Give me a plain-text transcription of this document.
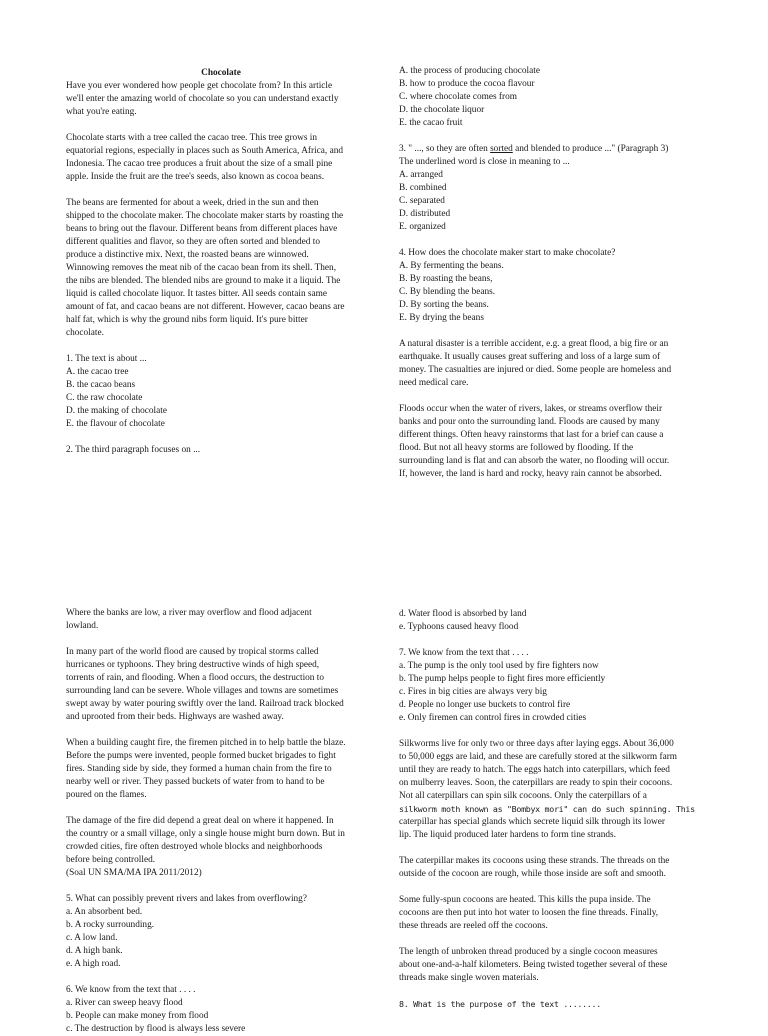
Chocolate

Have you ever wondered how people get chocolate from? In this article

we'll enter the amazing world of chocolate so you can understand exactly

what you're eating.

Chocolate starts with a tree called the cacao tree. This tree grows in

equatorial regions, especially in places such as South America, Africa, and

Indonesia. The cacao tree produces a fruit about the size of a small pine

apple. Inside the fruit are the tree's seeds, also known as cocoa beans.

The beans are fermented for about a week, dried in the sun and then

shipped to the chocolate maker. The chocolate maker starts by roasting the

beans to bring out the flavour. Different beans from different places have

different qualities and flavor, so they are often sorted and blended to

produce a distinctive mix. Next, the roasted beans are winnowed.

Winnowing removes the meat nib of the cacao bean from its shell. Then,

the nibs are blended. The blended nibs are ground to make it a liquid. The

liquid is called chocolate liquor. It tastes bitter. All seeds contain same

amount of fat, and cacao beans are not different. However, cacao beans are

half fat, which is why the ground nibs form liquid. It's pure bitter

chocolate.

1. The text is about ...

A. the cacao tree

B. the cacao beans

C. the raw chocolate

D. the making of chocolate

E. the flavour of chocolate

2. The third paragraph focuses on ...

A. the process of producing chocolate

B. how to produce the cocoa flavour

C. where chocolate comes from

D. the chocolate liquor

E. the cacao fruit

3. " ..., so they are often sorted and blended to produce ..." (Paragraph 3)

The underlined word is close in meaning to ...

A. arranged

B. combined

C. separated

D. distributed

E. organized

4. How does the chocolate maker start to make chocolate?

A. By fermenting the beans.

B. By roasting the beans,

C. By blending the beans.

D. By sorting the beans.

E. By drying the beans

A natural disaster is a terrible accident, e.g. a great flood, a big fire or an

earthquake. It usually causes great suffering and loss of a large sum of

money. The casualties are injured or died. Some people are homeless and

need medical care.

Floods occur when the water of rivers, lakes, or streams overflow their

banks and pour onto the surrounding land. Floods are caused by many

different things. Often heavy rainstorms that last for a brief can cause a

flood. But not all heavy storms are followed by flooding. If the

surrounding land is flat and can absorb the water, no flooding will occur.

If, however, the land is hard and rocky, heavy rain cannot be absorbed.

Where the banks are low, a river may overflow and flood adjacent

lowland.

In many part of the world flood are caused by tropical storms called

hurricanes or typhoons. They bring destructive winds of high speed,

torrents of rain, and flooding. When a flood occurs, the destruction to

surrounding land can be severe. Whole villages and towns are sometimes

swept away by water pouring swiftly over the land. Railroad track blocked

and uprooted from their beds. Highways are washed away.

When a building caught fire, the firemen pitched in to help battle the blaze.

Before the pumps were invented, people formed bucket brigades to fight

fires. Standing side by side, they formed a human chain from the fire to

nearby well or river. They passed buckets of water from to hand to be

poured on the flames.

The damage of the fire did depend a great deal on where it happened. In

the country or a small village, only a single house might burn down. But in

crowded cities, fire often destroyed whole blocks and neighborhoods

before being controlled.

(Soal UN SMA/MA IPA 2011/2012)

5. What can possibly prevent rivers and lakes from overflowing?

a. An absorbent bed.

b. A rocky surrounding.

c. A low land.

d. A high bank.

e. A high road.

6. We know from the text that . . . .

a. River can sweep heavy flood

b. People can make money from flood

c. The destruction by flood is always less severe

d. Water flood is absorbed by land

e. Typhoons caused heavy flood

7. We know from the text that . . . .

a. The pump is the only tool used by fire fighters now

b. The pump helps people to fight fires more efficiently

c. Fires in big cities are always very big

d. People no longer use buckets to control fire

e. Only firemen can control fires in crowded cities

Silkworms live for only two or three days after laying eggs. About 36,000

to 50,000 eggs are laid, and these are carefully stored at the silkworm farm

until they are ready to hatch. The eggs hatch into caterpillars, which feed

on mulberry leaves. Soon, the caterpillars are ready to spin their cocoons.

Not all caterpillars can spin silk cocoons. Only the caterpillars of a

silkworm moth known as "Bombyx mori" can do such spinning. This

caterpillar has special glands which secrete liquid silk through its lower

lip. The liquid produced later hardens to form tine strands.

The caterpillar makes its cocoons using these strands. The threads on the

outside of the cocoon are rough, while those inside are soft and smooth.

Some fully-spun cocoons are heated. This kills the pupa inside. The

cocoons are then put into hot water to loosen the fine threads. Finally,

these threads are reeled off the cocoons.

The length of unbroken thread produced by a single cocoon measures

about one-and-a-half kilometers. Being twisted together several of these

threads make single woven materials.

8. What is the purpose of the text ........
